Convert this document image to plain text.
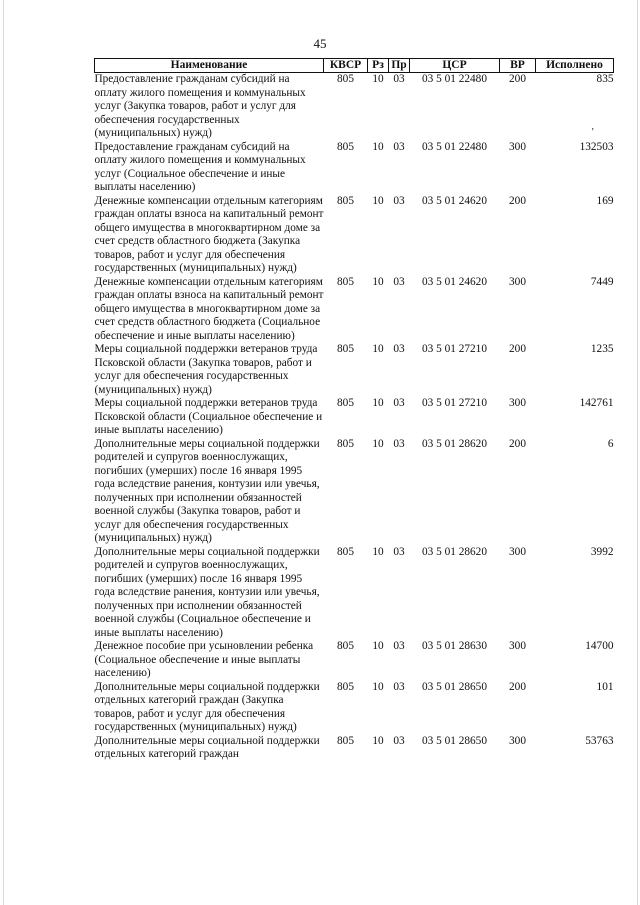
45
Наименование	КВСР	Рз	Пр	ЦСР	ВР	Исполнено
Предоставление гражданам субсидий на оплату жилого помещения и коммунальных услуг (Закупка товаров, работ и услуг для обеспечения государственных (муниципальных) нужд)	805	10	03	03 5 01 22480	200	835
Предоставление гражданам субсидий на оплату жилого помещения и коммунальных услуг (Социальное обеспечение и иные выплаты населению)	805	10	03	03 5 01 22480	300	132503
Денежные компенсации отдельным категориям граждан оплаты взноса на капитальный ремонт общего имущества в многоквартирном доме за счет средств областного бюджета (Закупка товаров, работ и услуг для обеспечения государственных (муниципальных) нужд)	805	10	03	03 5 01 24620	200	169
Денежные компенсации отдельным категориям граждан оплаты взноса на капитальный ремонт общего имущества в многоквартирном доме за счет средств областного бюджета (Социальное обеспечение и иные выплаты населению)	805	10	03	03 5 01 24620	300	7449
Меры социальной поддержки ветеранов труда Псковской области (Закупка товаров, работ и услуг для обеспечения государственных (муниципальных) нужд)	805	10	03	03 5 01 27210	200	1235
Меры социальной поддержки ветеранов труда Псковской области (Социальное обеспечение и иные выплаты населению)	805	10	03	03 5 01 27210	300	142761
Дополнительные меры социальной поддержки родителей и супругов военнослужащих, погибших (умерших) после 16 января 1995 года вследствие ранения, контузии или увечья, полученных при исполнении обязанностей военной службы (Закупка товаров, работ и услуг для обеспечения государственных (муниципальных) нужд)	805	10	03	03 5 01 28620	200	6
Дополнительные меры социальной поддержки родителей и супругов военнослужащих, погибших (умерших) после 16 января 1995 года вследствие ранения, контузии или увечья, полученных при исполнении обязанностей военной службы (Социальное обеспечение и иные выплаты населению)	805	10	03	03 5 01 28620	300	3992
Денежное пособие при усыновлении ребенка (Социальное обеспечение и иные выплаты населению)	805	10	03	03 5 01 28630	300	14700
Дополнительные меры социальной поддержки отдельных категорий граждан (Закупка товаров, работ и услуг для обеспечения государственных (муниципальных) нужд)	805	10	03	03 5 01 28650	200	101
Дополнительные меры социальной поддержки отдельных категорий граждан	805	10	03	03 5 01 28650	300	53763
ʼ
